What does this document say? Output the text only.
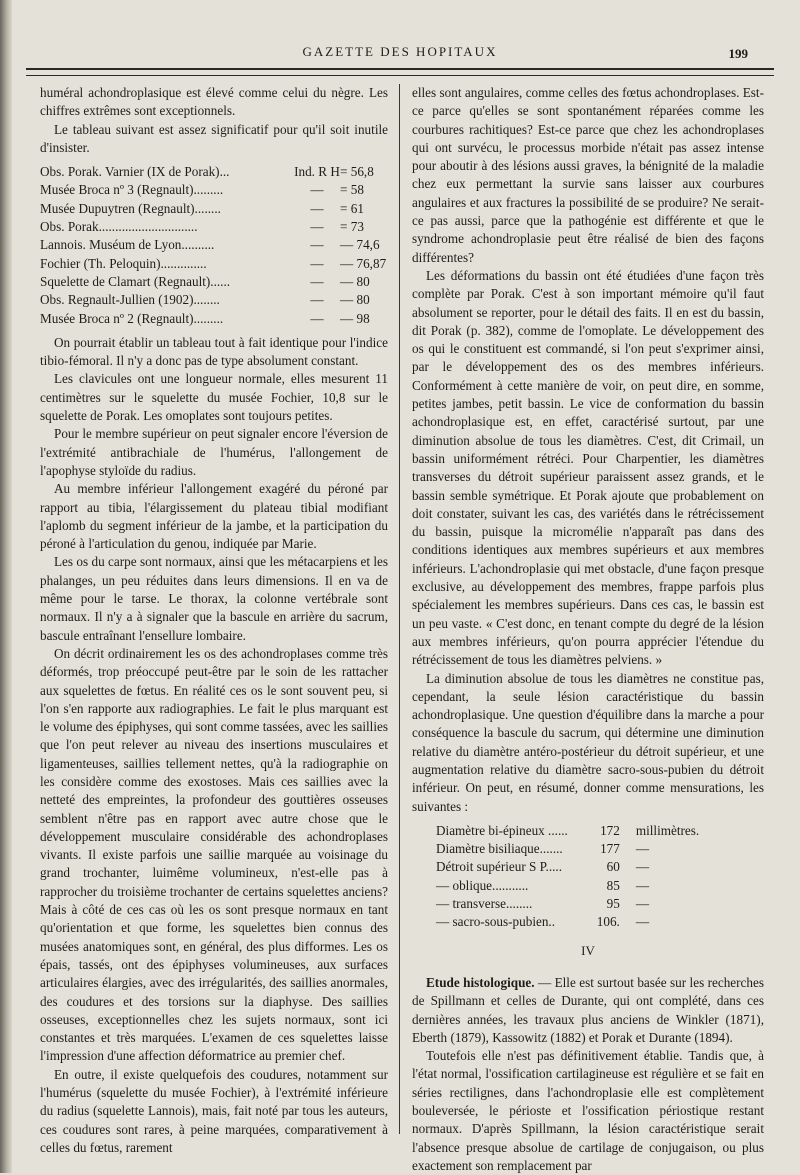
GAZETTE DES HOPITAUX	199

huméral achondroplasique est élevé comme celui du nègre. Les chiffres extrêmes sont exceptionnels.

Le tableau suivant est assez significatif pour qu'il soit inutile d'insister.

Obs. Porak. Varnier (IX de Porak)...	Ind. R H	= 56,8
Musée Broca nº 3 (Regnault).........	—	= 58
Musée Dupuytren (Regnault)........	—	= 61
Obs. Porak..............................	—	= 73
Lannois. Muséum de Lyon..........	—	— 74,6
Fochier (Th. Peloquin)..............	—	— 76,87
Squelette de Clamart (Regnault)......	—	— 80
Obs. Regnault-Jullien (1902)........	—	— 80
Musée Broca nº 2 (Regnault).........	—	— 98

On pourrait établir un tableau tout à fait identique pour l'indice tibio-fémoral. Il n'y a donc pas de type absolument constant.

Les clavicules ont une longueur normale, elles mesurent 11 centimètres sur le squelette du musée Fochier, 10,8 sur le squelette de Porak. Les omoplates sont toujours petites.

Pour le membre supérieur on peut signaler encore l'éversion de l'extrémité antibrachiale de l'humérus, l'allongement de l'apophyse styloïde du radius.

Au membre inférieur l'allongement exagéré du péroné par rapport au tibia, l'élargissement du plateau tibial modifiant l'aplomb du segment inférieur de la jambe, et la participation du péroné à l'articulation du genou, indiquée par Marie.

Les os du carpe sont normaux, ainsi que les métacarpiens et les phalanges, un peu réduites dans leurs dimensions. Il en va de même pour le tarse. Le thorax, la colonne vertébrale sont normaux. Il n'y a à signaler que la bascule en arrière du sacrum, bascule entraînant l'ensellure lombaire.

On décrit ordinairement les os des achondroplases comme très déformés, trop préoccupé peut-être par le soin de les rattacher aux squelettes de fœtus. En réalité ces os le sont souvent peu, si l'on s'en rapporte aux radiographies. Le fait le plus marquant est le volume des épiphyses, qui sont comme tassées, avec les saillies que l'on peut relever au niveau des insertions musculaires et ligamenteuses, saillies tellement nettes, qu'à la radiographie on les considère comme des exostoses. Mais ces saillies avec la netteté des empreintes, la profondeur des gouttières osseuses semblent n'être pas en rapport avec autre chose que le développement musculaire considérable des achondroplases vivants. Il existe parfois une saillie marquée au voisinage du grand trochanter, luimême volumineux, n'est-elle pas à rapprocher du troisième trochanter de certains squelettes anciens? Mais à côté de ces cas où les os sont presque normaux en tant qu'orientation et que forme, les squelettes bien connus des musées anatomiques sont, en général, des plus difformes. Les os épais, tassés, ont des épiphyses volumineuses, aux surfaces articulaires élargies, avec des irrégularités, des saillies anormales, des coudures et des torsions sur la diaphyse. Des saillies osseuses, exceptionnelles chez les sujets normaux, sont ici constantes et très marquées. L'examen de ces squelettes laisse l'impression d'une affection déformatrice au premier chef.

En outre, il existe quelquefois des coudures, notamment sur l'humérus (squelette du musée Fochier), à l'extrémité inférieure du radius (squelette Lannois), mais, fait noté par tous les auteurs, ces coudures sont rares, à peine marquées, comparativement à celles du fœtus, rarement

elles sont angulaires, comme celles des fœtus achondroplases. Est-ce parce qu'elles se sont spontanément réparées comme les courbures rachitiques? Est-ce parce que chez les achondroplases qui ont survécu, le processus morbide n'était pas assez intense pour aboutir à des lésions aussi graves, la bénignité de la maladie chez eux permettant la survie sans laisser aux courbures angulaires et aux fractures la possibilité de se produire? Ne serait-ce pas aussi, parce que la pathogénie est différente et que le syndrome achondroplasie peut être réalisé de bien des façons différentes?

Les déformations du bassin ont été étudiées d'une façon très complète par Porak. C'est à son important mémoire qu'il faut absolument se reporter, pour le détail des faits. Il en est du bassin, dit Porak (p. 382), comme de l'omoplate. Le développement des os qui le constituent est commandé, si l'on peut s'exprimer ainsi, par le développement des os des membres inférieurs. Conformément à cette manière de voir, on peut dire, en somme, petites jambes, petit bassin. Le vice de conformation du bassin achondroplasique est, en effet, caractérisé surtout, par une diminution absolue de tous les diamètres. C'est, dit Crimail, un bassin uniformément rétréci. Pour Charpentier, les diamètres transverses du détroit supérieur paraissent assez grands, et le bassin semble symétrique. Et Porak ajoute que probablement on doit constater, suivant les cas, des variétés dans le rétrécissement du bassin, puisque la micromélie n'apparaît pas dans des conditions identiques aux membres supérieurs et aux membres inférieurs. L'achondroplasie qui met obstacle, d'une façon presque exclusive, au développement des membres, frappe parfois plus spécialement les membres supérieurs. Dans ces cas, le bassin est un peu vaste. « C'est donc, en tenant compte du degré de la lésion aux membres inférieurs, qu'on pourra apprécier l'étendue du rétrécissement de tous les diamètres pelviens. »

La diminution absolue de tous les diamètres ne constitue pas, cependant, la seule lésion caractéristique du bassin achondroplasique. Une question d'équilibre dans la marche a pour conséquence la bascule du sacrum, qui détermine une diminution relative du diamètre antéro-postérieur du détroit supérieur, et une augmentation relative du diamètre sacro-sous-pubien du détroit inférieur. On peut, en résumé, donner comme mensurations, les suivantes :

Diamètre bi-épineux ......	172	millimètres.
Diamètre bisiliaque.......	177	—
Détroit supérieur S P.....	60	—
— oblique...........	85	—
— transverse........	95	—
— sacro-sous-pubien..	106.	—
IV

Etude histologique. — Elle est surtout basée sur les recherches de Spillmann et celles de Durante, qui ont complété, dans ces dernières années, les travaux plus anciens de Winkler (1871), Eberth (1879), Kassowitz (1882) et Porak et Durante (1894).

Toutefois elle n'est pas définitivement établie. Tandis que, à l'état normal, l'ossification cartilagineuse est régulière et se fait en séries rectilignes, dans l'achondroplasie elle est complètement bouleversée, le périoste et l'ossification périostique restant normaux. D'après Spillmann, la lésion caractéristique serait l'absence presque absolue de cartilage de conjugaison, ou plus exactement son remplacement par
